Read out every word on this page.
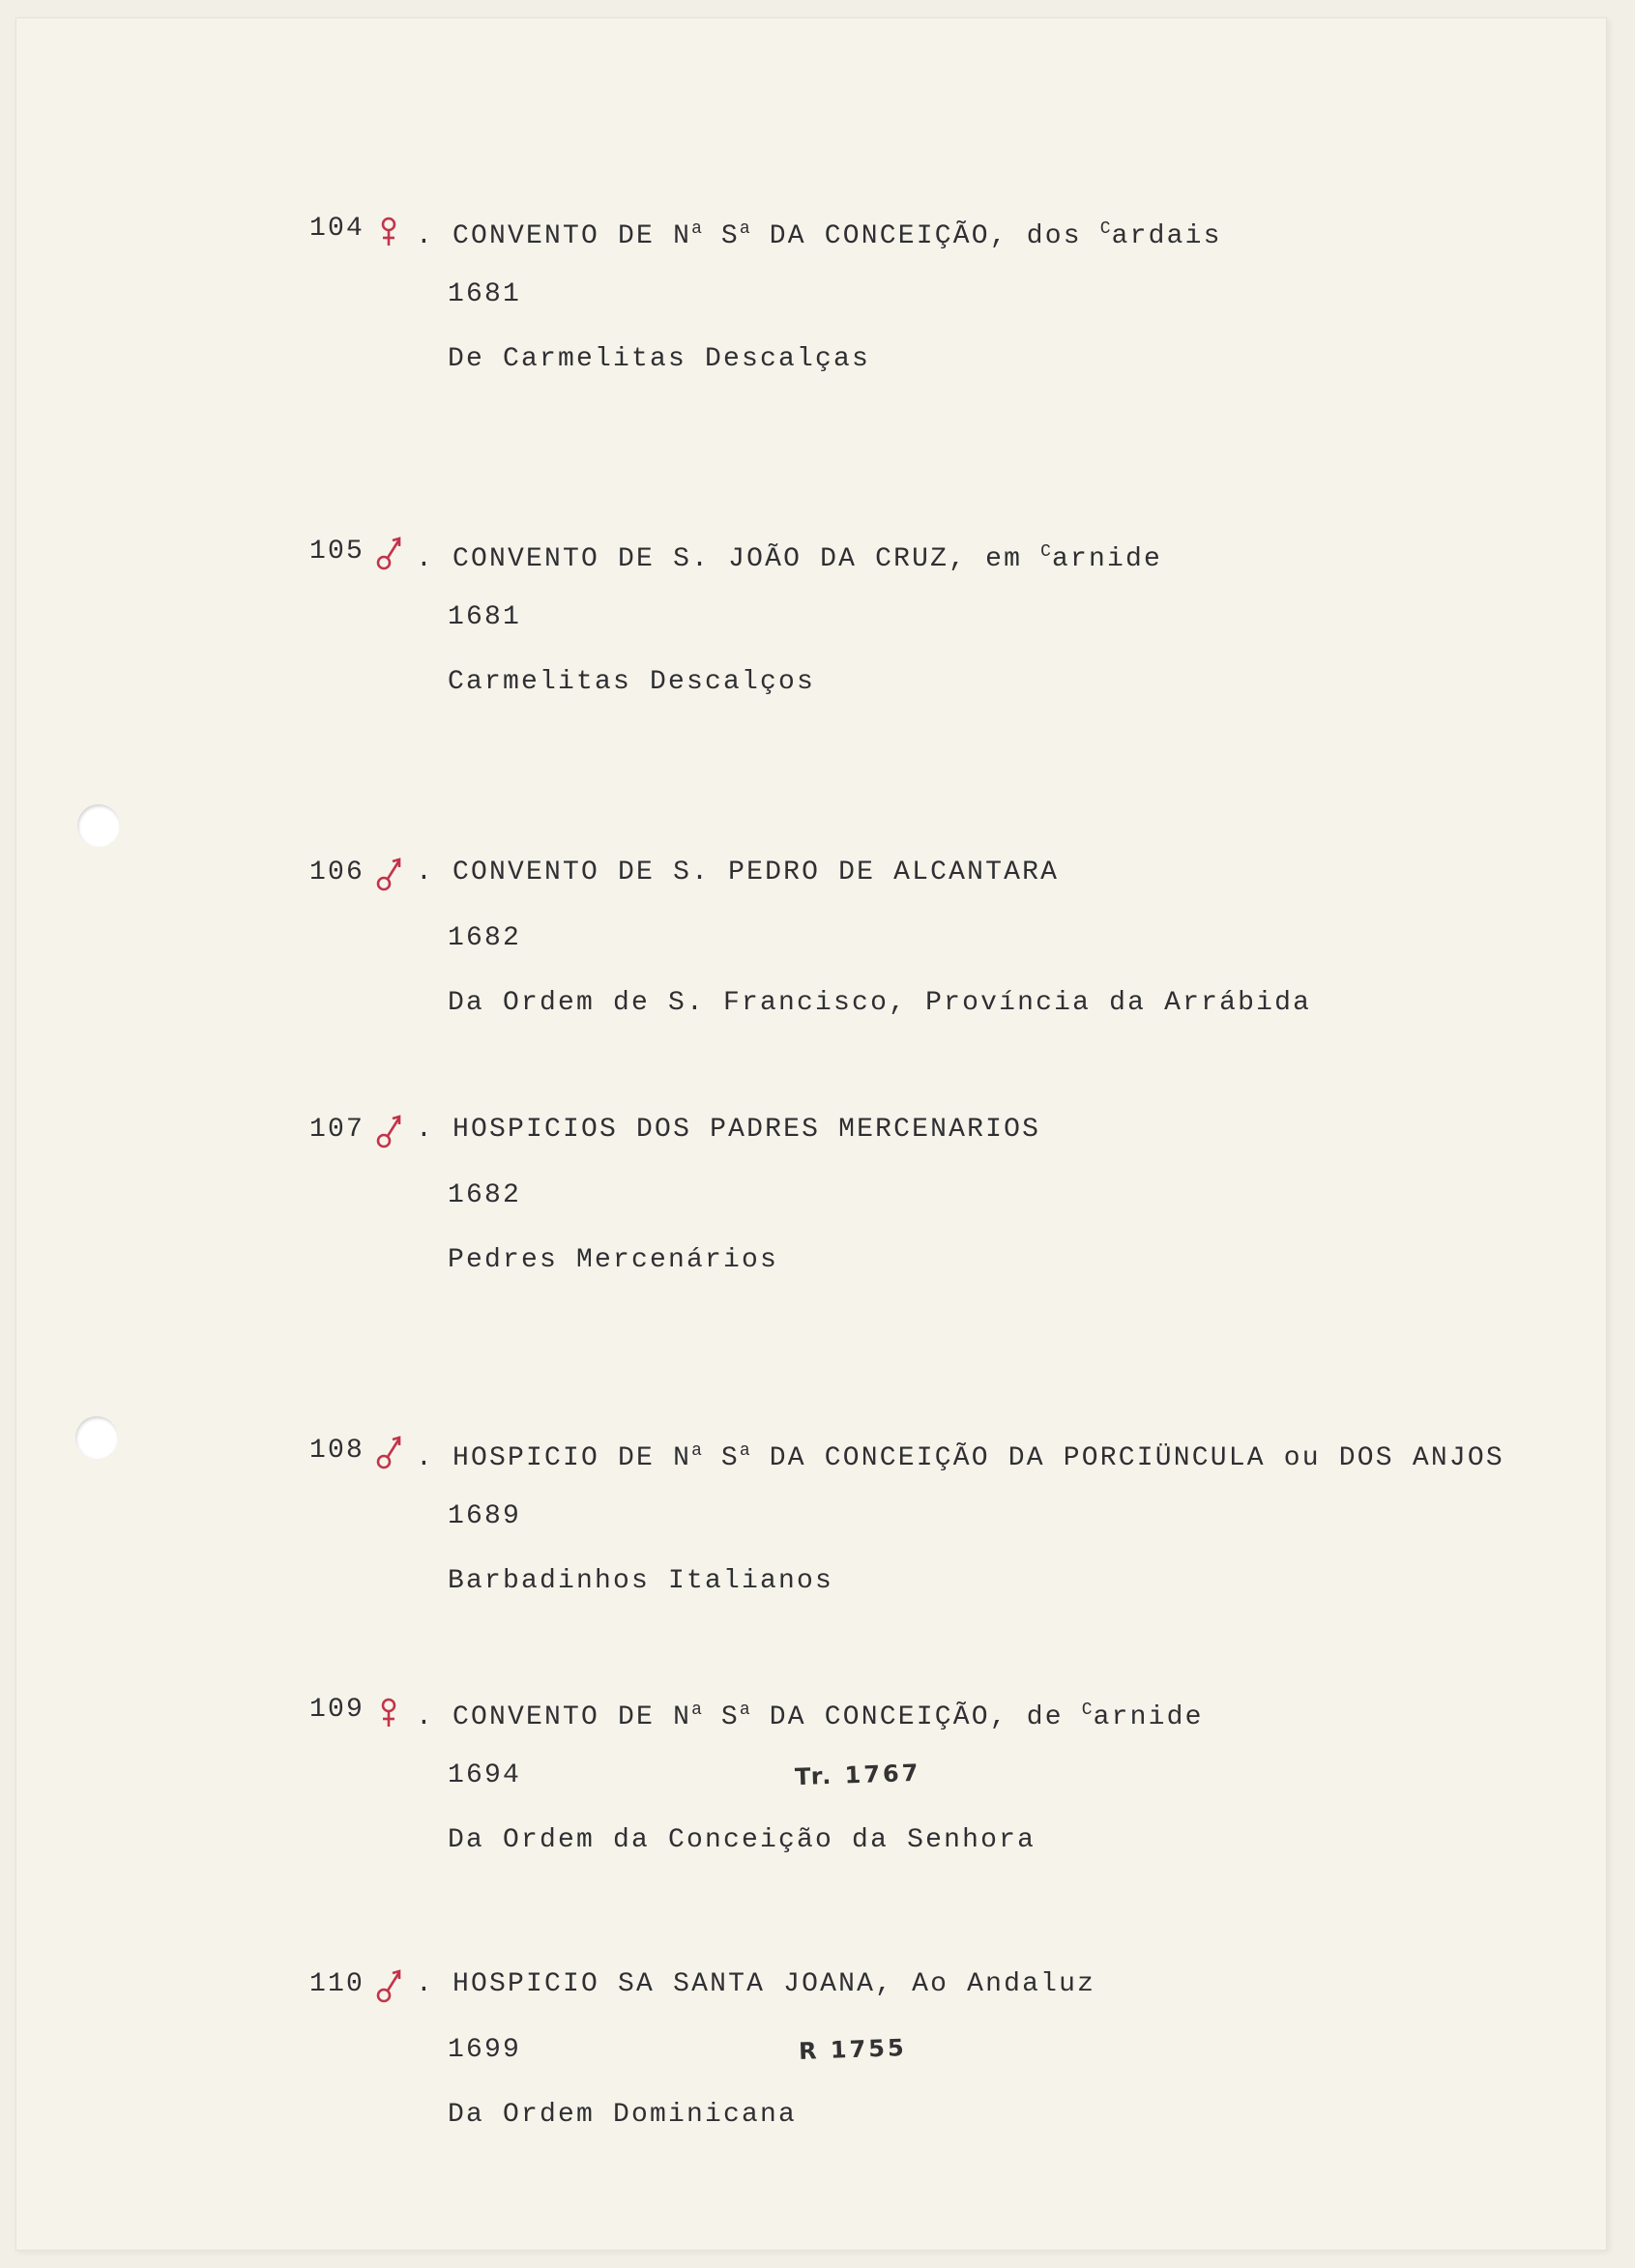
104 . CONVENTO DE $N^a$ $S^a$ DA CONCEIÇÃO, dos $^C$ardais
1681
De Carmelitas Descalças
105 . CONVENTO DE S. JOÃO DA CRUZ, em $^C$arnide
1681
Carmelitas Descalços
106 . CONVENTO DE S. PEDRO DE ALCANTARA
1682
Da Ordem de S. Francisco, Província da Arrábida
107 . HOSPICIOS DOS PADRES MERCENARIOS
1682
Pedres Mercenários
108 . HOSPICIO DE $N^a$ $S^a$ DA CONCEIÇÃO DA PORCIÜNCULA ou DOS ANJOS
1689
Barbadinhos Italianos
109 . CONVENTO DE $N^a$ $S^a$ DA CONCEIÇÃO, de $^C$arnide
1694	Tr. 1767
Da Ordem da Conceição da Senhora
110 . HOSPICIO SA SANTA JOANA, Ao Andaluz
1699	R 1755
Da Ordem Dominicana
